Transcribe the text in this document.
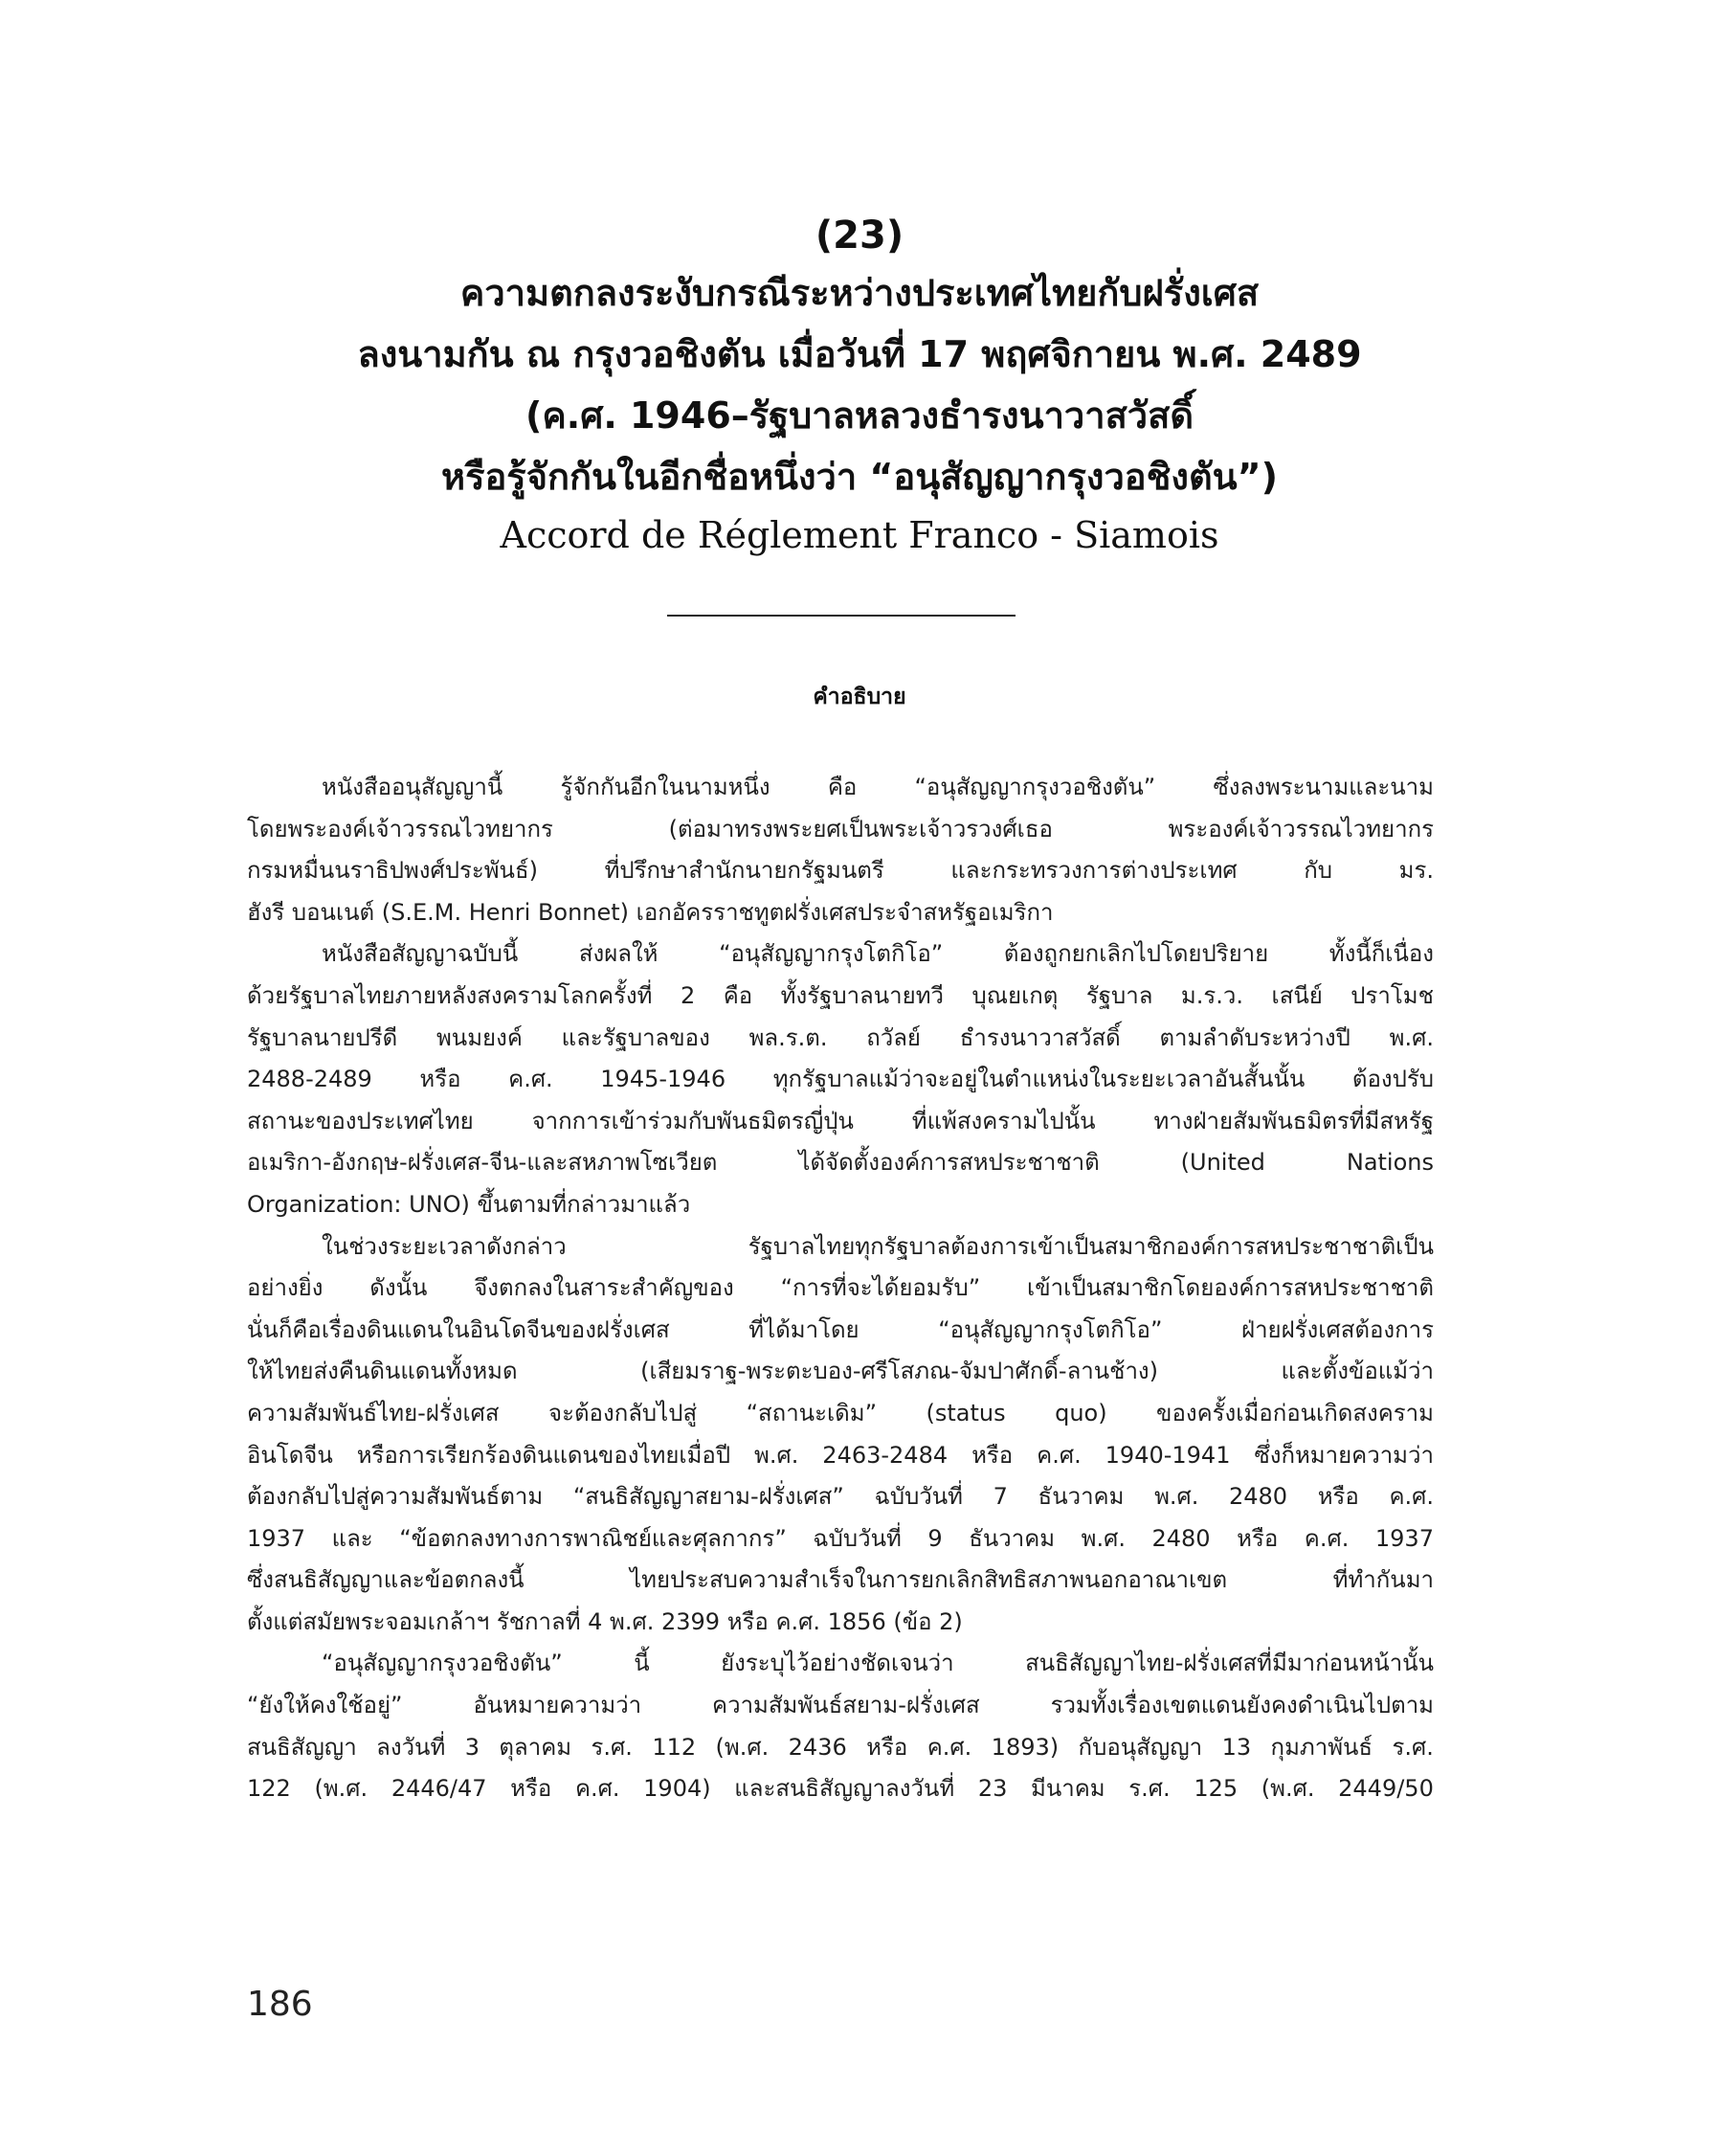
(23)
ความตกลงระงับกรณีระหว่างประเทศไทยกับฝรั่งเศส
ลงนามกัน ณ กรุงวอชิงตัน เมื่อวันที่ 17 พฤศจิกายน พ.ศ. 2489
(ค.ศ. 1946–รัฐบาลหลวงธำรงนาวาสวัสดิ์
หรือรู้จักกันในอีกชื่อหนึ่งว่า “อนุสัญญากรุงวอชิงตัน”)
Accord de Réglement Franco - Siamois
คำอธิบาย
หนังสืออนุสัญญานี้	รู้จักกันอีกในนามหนึ่ง	คือ	“อนุสัญญากรุงวอชิงตัน”	ซึ่งลงพระนามและนาม
โดยพระองค์เจ้าวรรณไวทยากร	(ต่อมาทรงพระยศเป็นพระเจ้าวรวงศ์เธอ	พระองค์เจ้าวรรณไวทยากร
กรมหมื่นนราธิปพงศ์ประพันธ์)	ที่ปรึกษาสำนักนายกรัฐมนตรี	และกระทรวงการต่างประเทศ	กับ	มร.
ฮังรี บอนเนต์ (S.E.M. Henri Bonnet) เอกอัครราชทูตฝรั่งเศสประจำสหรัฐอเมริกา
หนังสือสัญญาฉบับนี้	ส่งผลให้	“อนุสัญญากรุงโตกิโอ”	ต้องถูกยกเลิกไปโดยปริยาย	ทั้งนี้ก็เนื่อง
ด้วยรัฐบาลไทยภายหลังสงครามโลกครั้งที่ 2 คือ ทั้งรัฐบาลนายทวี บุณยเกตุ รัฐบาล ม.ร.ว. เสนีย์ ปราโมช
รัฐบาลนายปรีดี พนมยงค์ และรัฐบาลของ พล.ร.ต. ถวัลย์ ธำรงนาวาสวัสดิ์ ตามลำดับระหว่างปี พ.ศ.
2488-2489 หรือ ค.ศ. 1945-1946 ทุกรัฐบาลแม้ว่าจะอยู่ในตำแหน่งในระยะเวลาอันสั้นนั้น ต้องปรับ
สถานะของประเทศไทย	จากการเข้าร่วมกับพันธมิตรญี่ปุ่น	ที่แพ้สงครามไปนั้น	ทางฝ่ายสัมพันธมิตรที่มีสหรัฐ
อเมริกา-อังกฤษ-ฝรั่งเศส-จีน-และสหภาพโซเวียต	ได้จัดตั้งองค์การสหประชาชาติ	(United	Nations
Organization: UNO) ขึ้นตามที่กล่าวมาแล้ว
ในช่วงระยะเวลาดังกล่าว	รัฐบาลไทยทุกรัฐบาลต้องการเข้าเป็นสมาชิกองค์การสหประชาชาติเป็น
อย่างยิ่ง ดังนั้น จึงตกลงในสาระสำคัญของ “การที่จะได้ยอมรับ” เข้าเป็นสมาชิกโดยองค์การสหประชาชาติ
นั่นก็คือเรื่องดินแดนในอินโดจีนของฝรั่งเศส	ที่ได้มาโดย	“อนุสัญญากรุงโตกิโอ”	ฝ่ายฝรั่งเศสต้องการ
ให้ไทยส่งคืนดินแดนทั้งหมด	(เสียมราฐ-พระตะบอง-ศรีโสภณ-จัมปาศักดิ์-ลานช้าง)	และตั้งข้อแม้ว่า
ความสัมพันธ์ไทย-ฝรั่งเศส จะต้องกลับไปสู่ “สถานะเดิม” (status quo) ของครั้งเมื่อก่อนเกิดสงคราม
อินโดจีน หรือการเรียกร้องดินแดนของไทยเมื่อปี พ.ศ. 2463-2484 หรือ ค.ศ. 1940-1941 ซึ่งก็หมายความว่า
ต้องกลับไปสู่ความสัมพันธ์ตาม “สนธิสัญญาสยาม-ฝรั่งเศส” ฉบับวันที่ 7 ธันวาคม พ.ศ. 2480 หรือ ค.ศ.
1937 และ “ข้อตกลงทางการพาณิชย์และศุลกากร” ฉบับวันที่ 9 ธันวาคม พ.ศ. 2480 หรือ ค.ศ. 1937
ซึ่งสนธิสัญญาและข้อตกลงนี้	ไทยประสบความสำเร็จในการยกเลิกสิทธิสภาพนอกอาณาเขต	ที่ทำกันมา
ตั้งแต่สมัยพระจอมเกล้าฯ รัชกาลที่ 4 พ.ศ. 2399 หรือ ค.ศ. 1856 (ข้อ 2)
“อนุสัญญากรุงวอชิงตัน”	นี้	ยังระบุไว้อย่างชัดเจนว่า	สนธิสัญญาไทย-ฝรั่งเศสที่มีมาก่อนหน้านั้น
“ยังให้คงใช้อยู่”	อันหมายความว่า	ความสัมพันธ์สยาม-ฝรั่งเศส	รวมทั้งเรื่องเขตแดนยังคงดำเนินไปตาม
สนธิสัญญา ลงวันที่ 3 ตุลาคม ร.ศ. 112 (พ.ศ. 2436 หรือ ค.ศ. 1893) กับอนุสัญญา 13 กุมภาพันธ์ ร.ศ.
122 (พ.ศ. 2446/47 หรือ ค.ศ. 1904) และสนธิสัญญาลงวันที่ 23 มีนาคม ร.ศ. 125 (พ.ศ. 2449/50
186
